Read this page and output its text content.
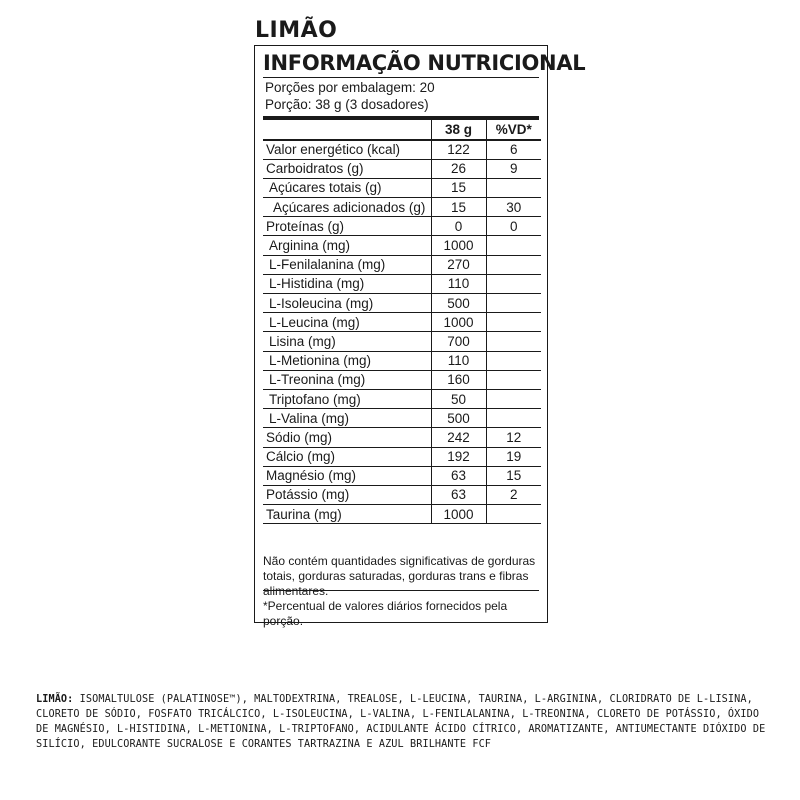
LIMÃO
INFORMAÇÃO NUTRICIONAL
Porções por embalagem: 20
Porção: 38 g (3 dosadores)
	38 g	%VD*
Valor energético (kcal)	122	6
Carboidratos (g)	26	9
Açúcares totais (g)	15	
Açúcares adicionados (g)	15	30
Proteínas (g)	0	0
Arginina (mg)	1000	
L-Fenilalanina (mg)	270	
L-Histidina (mg)	110	
L-Isoleucina (mg)	500	
L-Leucina (mg)	1000	
Lisina (mg)	700	
L-Metionina (mg)	110	
L-Treonina (mg)	160	
Triptofano (mg)	50	
L-Valina (mg)	500	
Sódio (mg)	242	12
Cálcio (mg)	192	19
Magnésio (mg)	63	15
Potássio (mg)	63	2
Taurina (mg)	1000	
Não contém quantidades significativas de gorduras totais, gorduras saturadas, gorduras trans e fibras alimentares.
*Percentual de valores diários fornecidos pela porção.
LIMÃO: ISOMALTULOSE (PALATINOSE™), MALTODEXTRINA, TREALOSE, L-LEUCINA, TAURINA, L-ARGININA, CLORIDRATO DE L-LISINA, CLORETO DE SÓDIO, FOSFATO TRICÁLCICO, L-ISOLEUCINA, L-VALINA, L-FENILALANINA, L-TREONINA, CLORETO DE POTÁSSIO, ÓXIDO DE MAGNÉSIO, L-HISTIDINA, L-METIONINA, L-TRIPTOFANO, ACIDULANTE ÁCIDO CÍTRICO, AROMATIZANTE, ANTIUMECTANTE DIÓXIDO DE SILÍCIO, EDULCORANTE SUCRALOSE E CORANTES TARTRAZINA E AZUL BRILHANTE FCF
